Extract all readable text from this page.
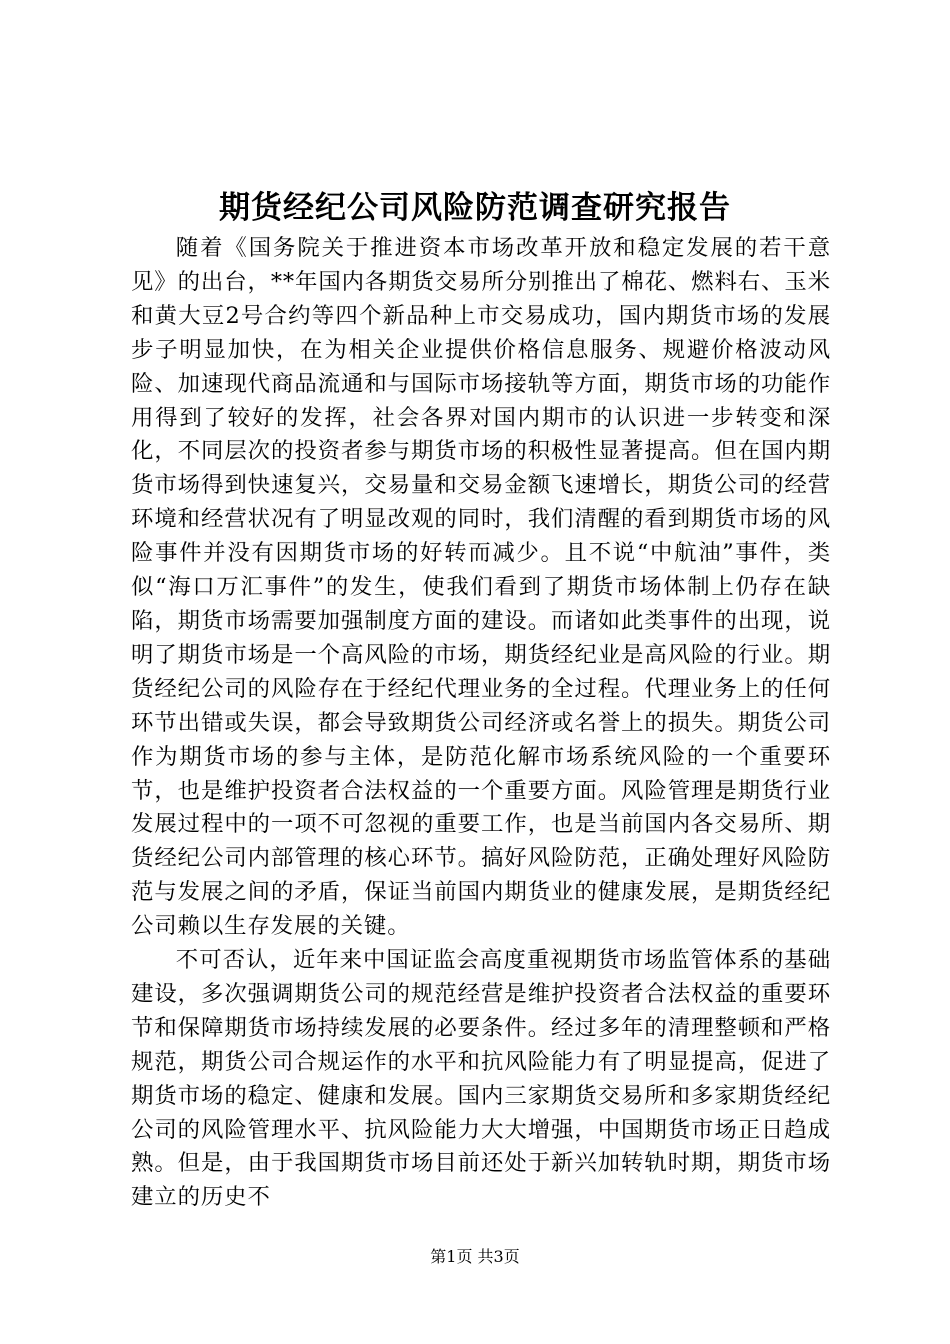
期货经纪公司风险防范调查研究报告

随着《国务院关于推进资本市场改革开放和稳定发展的若干意见》的出台，**年国内各期货交易所分别推出了棉花、燃料右、玉米和黄大豆2号合约等四个新品种上市交易成功，国内期货市场的发展步子明显加快，在为相关企业提供价格信息服务、规避价格波动风险、加速现代商品流通和与国际市场接轨等方面，期货市场的功能作用得到了较好的发挥，社会各界对国内期市的认识进一步转变和深化，不同层次的投资者参与期货市场的积极性显著提高。但在国内期货市场得到快速复兴，交易量和交易金额飞速增长，期货公司的经营环境和经营状况有了明显改观的同时，我们清醒的看到期货市场的风险事件并没有因期货市场的好转而减少。且不说“中航油”事件，类似“海口万汇事件”的发生，使我们看到了期货市场体制上仍存在缺陷，期货市场需要加强制度方面的建设。而诸如此类事件的出现，说明了期货市场是一个高风险的市场，期货经纪业是高风险的行业。期货经纪公司的风险存在于经纪代理业务的全过程。代理业务上的任何环节出错或失误，都会导致期货公司经济或名誉上的损失。期货公司作为期货市场的参与主体，是防范化解市场系统风险的一个重要环节，也是维护投资者合法权益的一个重要方面。风险管理是期货行业发展过程中的一项不可忽视的重要工作，也是当前国内各交易所、期货经纪公司内部管理的核心环节。搞好风险防范，正确处理好风险防范与发展之间的矛盾，保证当前国内期货业的健康发展，是期货经纪公司赖以生存发展的关键。

不可否认，近年来中国证监会高度重视期货市场监管体系的基础建设，多次强调期货公司的规范经营是维护投资者合法权益的重要环节和保障期货市场持续发展的必要条件。经过多年的清理整顿和严格规范，期货公司合规运作的水平和抗风险能力有了明显提高，促进了期货市场的稳定、健康和发展。国内三家期货交易所和多家期货经纪公司的风险管理水平、抗风险能力大大增强，中国期货市场正日趋成熟。但是，由于我国期货市场目前还处于新兴加转轨时期，期货市场建立的历史不

第1页 共3页
